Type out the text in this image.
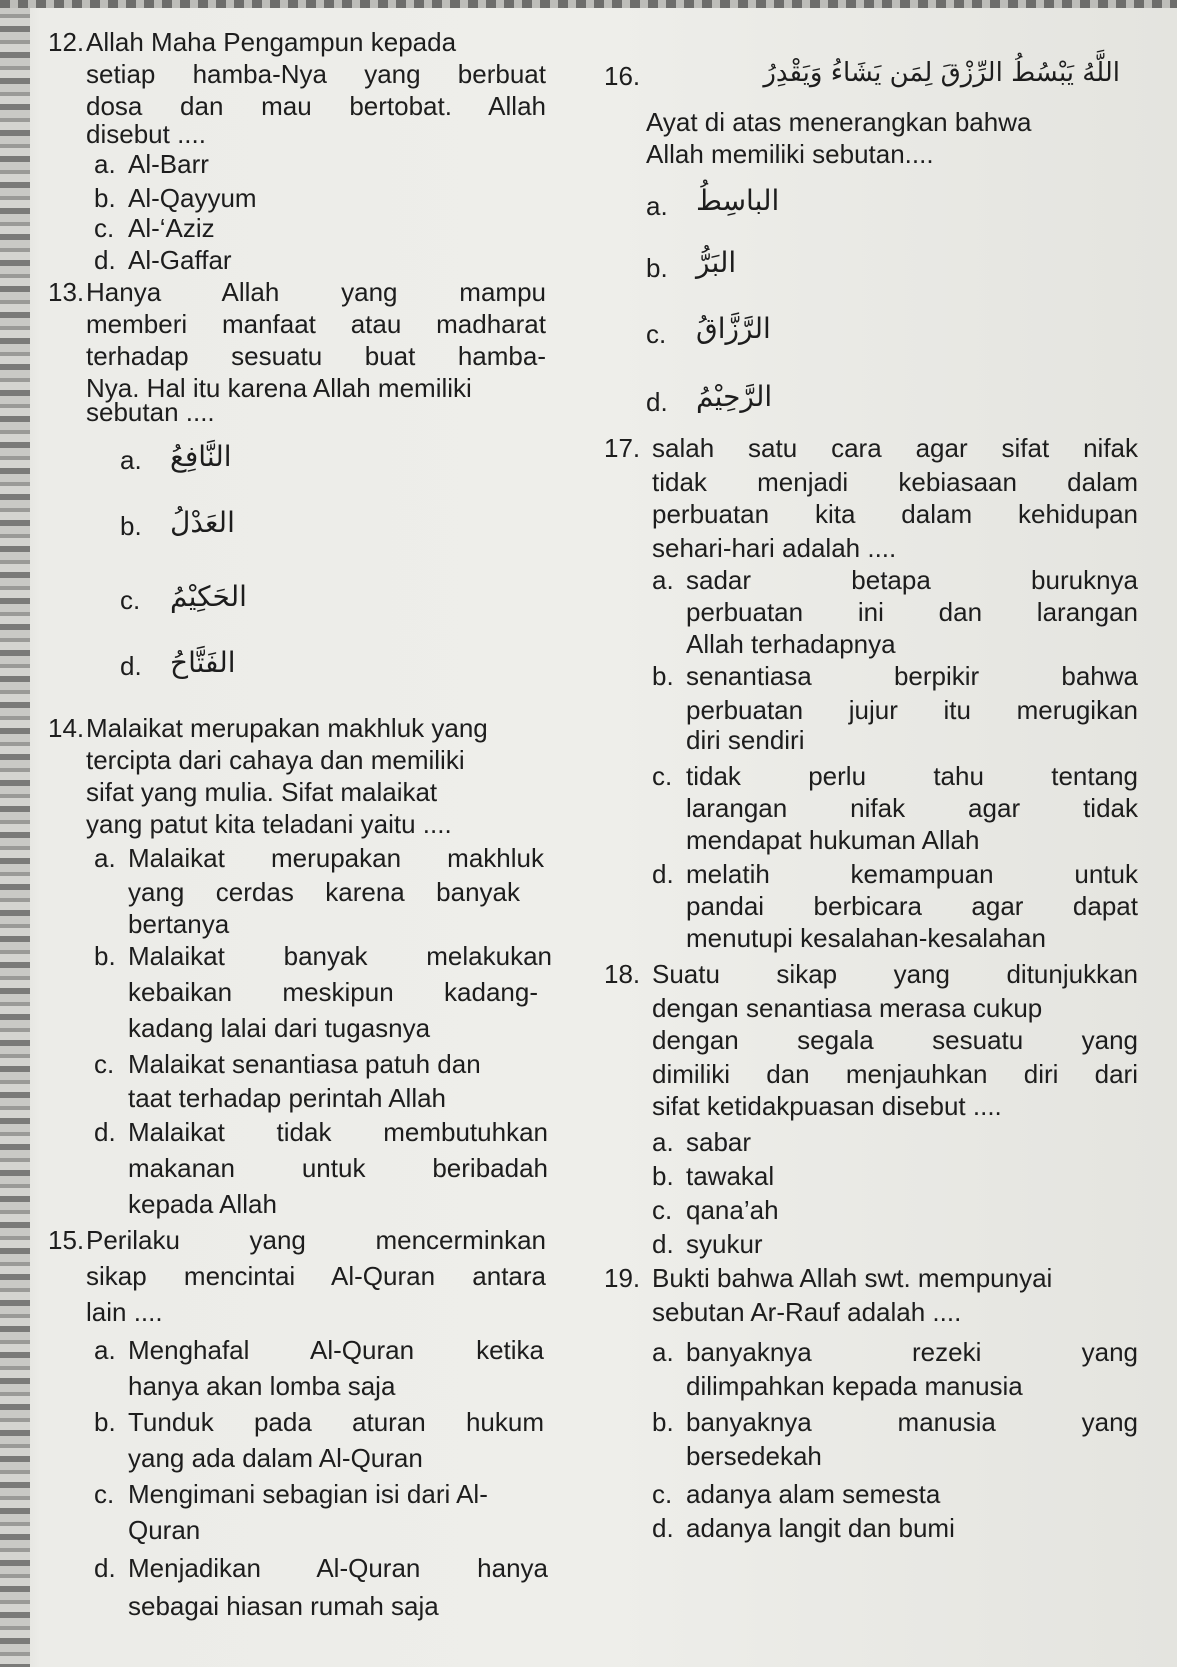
12. Allah Maha Pengampun kepada
setiap hamba-Nya yang berbuat
dosa dan mau bertobat. Allah
disebut ....
a. Al-Barr
b. Al-Qayyum
c. Al-‘Aziz
d. Al-Gaffar
13. Hanya Allah yang mampu
memberi manfaat atau madharat
terhadap sesuatu buat hamba-
Nya. Hal itu karena Allah memiliki
sebutan ....
a. النَّافِعُ
b. العَدْلُ
c. الحَكِيْمُ
d. الفَتَّاحُ
14. Malaikat merupakan makhluk yang
tercipta dari cahaya dan memiliki
sifat yang mulia. Sifat malaikat
yang patut kita teladani yaitu ....
a. Malaikat merupakan makhluk
yang cerdas karena banyak
bertanya
b. Malaikat banyak melakukan
kebaikan meskipun kadang-
kadang lalai dari tugasnya
c. Malaikat senantiasa patuh dan
taat terhadap perintah Allah
d. Malaikat tidak membutuhkan
makanan untuk beribadah
kepada Allah
15. Perilaku yang mencerminkan
sikap mencintai Al-Quran antara
lain ....
a. Menghafal Al-Quran ketika
hanya akan lomba saja
b. Tunduk pada aturan hukum
yang ada dalam Al-Quran
c. Mengimani sebagian isi dari Al-
Quran
d. Menjadikan Al-Quran hanya
sebagai hiasan rumah saja
16.	اللَّهُ يَبْسُطُ الرِّزْقَ لِمَن يَشَاءُ وَيَقْدِرُ
Ayat di atas menerangkan bahwa
Allah memiliki sebutan....
a. الباسِطُ
b. البَرُّ
c. الرَّزَّاقُ
d. الرَّحِيْمُ
17. salah satu cara agar sifat nifak
tidak menjadi kebiasaan dalam
perbuatan kita dalam kehidupan
sehari-hari adalah ....
a. sadar betapa buruknya
perbuatan ini dan larangan
Allah terhadapnya
b. senantiasa berpikir bahwa
perbuatan jujur itu merugikan
diri sendiri
c. tidak perlu tahu tentang
larangan nifak agar tidak
mendapat hukuman Allah
d. melatih kemampuan untuk
pandai berbicara agar dapat
menutupi kesalahan-kesalahan
18. Suatu sikap yang ditunjukkan
dengan senantiasa merasa cukup
dengan segala sesuatu yang
dimiliki dan menjauhkan diri dari
sifat ketidakpuasan disebut ....
a. sabar
b. tawakal
c. qana’ah
d. syukur
19. Bukti bahwa Allah swt. mempunyai
sebutan Ar-Rauf adalah ....
a. banyaknya rezeki yang
dilimpahkan kepada manusia
b. banyaknya manusia yang
bersedekah
c. adanya alam semesta
d. adanya langit dan bumi
